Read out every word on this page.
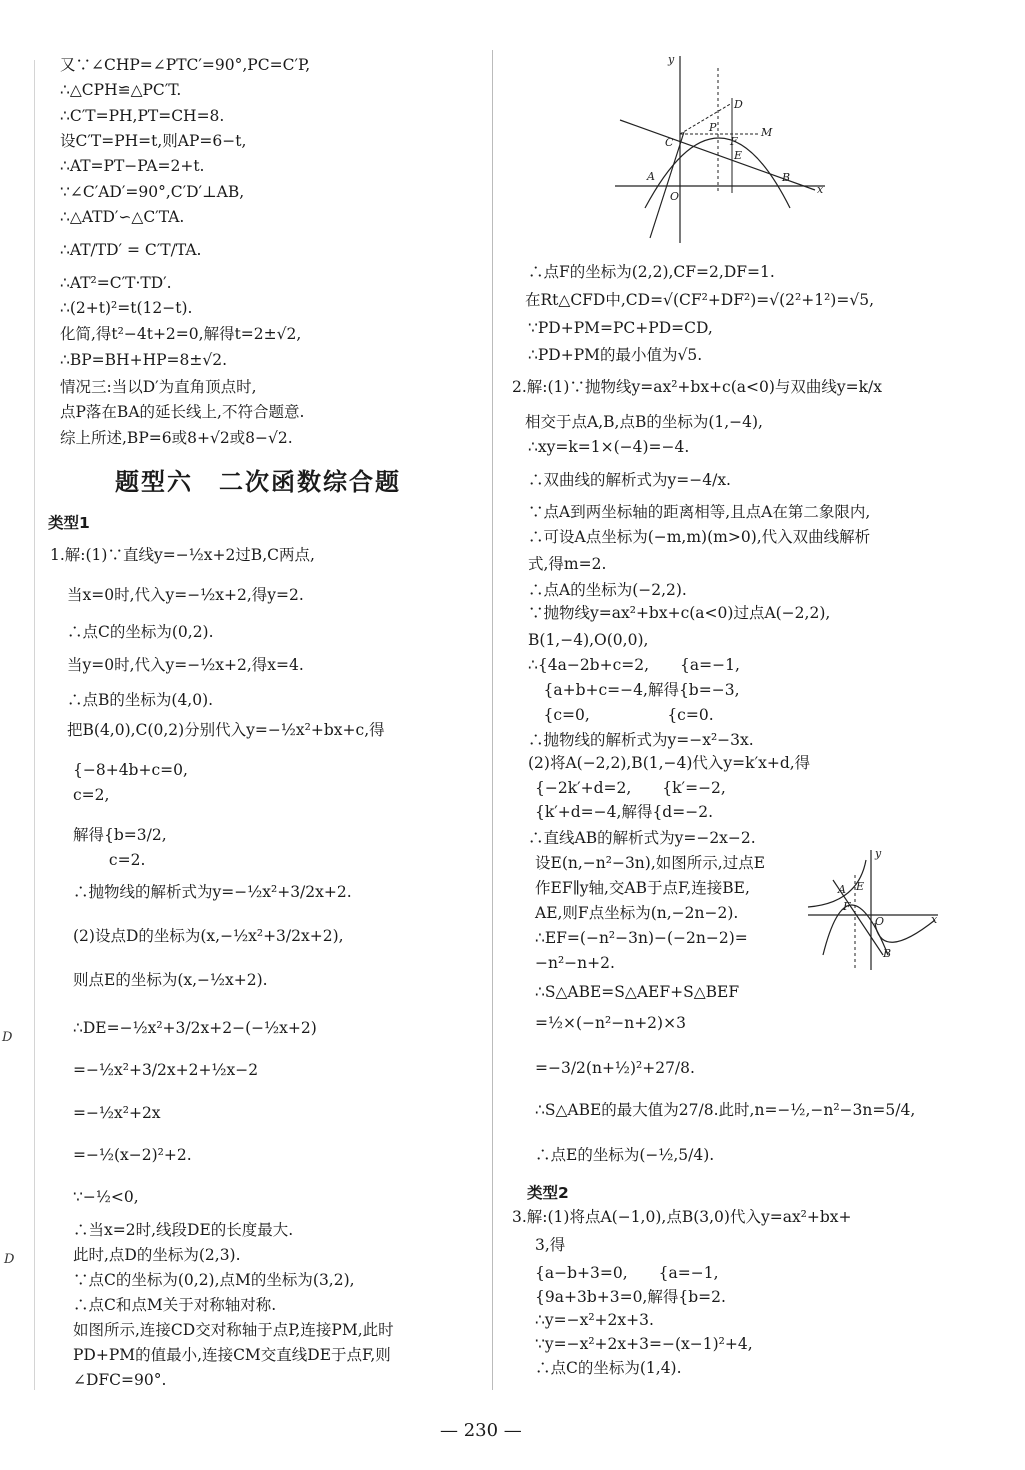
D
D
又∵∠CHP=∠PTC′=90°,PC=C′P,
∴△CPH≌△PC′T.
∴C′T=PH,PT=CH=8.
设C′T=PH=t,则AP=6−t,
∴AT=PT−PA=2+t.
∵∠C′AD′=90°,C′D′⊥AB,
∴△ATD′∽△C′TA.
∴AT/TD′ = C′T/TA.
∴AT²=C′T·TD′.
∴(2+t)²=t(12−t).
化简,得t²−4t+2=0,解得t=2±√2,
∴BP=BH+HP=8±√2.
情况三:当以D′为直角顶点时,
点P落在BA的延长线上,不符合题意.
综上所述,BP=6或8+√2或8−√2.
题型六　二次函数综合题
类型1
1.解:(1)∵直线y=−½x+2过B,C两点,
当x=0时,代入y=−½x+2,得y=2.
∴点C的坐标为(0,2).
当y=0时,代入y=−½x+2,得x=4.
∴点B的坐标为(4,0).
把B(4,0),C(0,2)分别代入y=−½x²+bx+c,得
{−8+4b+c=0,
c=2,
解得{b=3/2,
　　 c=2.
∴抛物线的解析式为y=−½x²+3/2x+2.
(2)设点D的坐标为(x,−½x²+3/2x+2),
则点E的坐标为(x,−½x+2).
∴DE=−½x²+3/2x+2−(−½x+2)
=−½x²+3/2x+2+½x−2
=−½x²+2x
=−½(x−2)²+2.
∵−½<0,
∴当x=2时,线段DE的长度最大.
此时,点D的坐标为(2,3).
∵点C的坐标为(0,2),点M的坐标为(3,2),
∴点C和点M关于对称轴对称.
如图所示,连接CD交对称轴于点P,连接PM,此时
PD+PM的值最小,连接CM交直线DE于点F,则
∠DFC=90°.
y
x
O
A	B
C
D
E
F
P	M
∴点F的坐标为(2,2),CF=2,DF=1.
在Rt△CFD中,CD=√(CF²+DF²)=√(2²+1²)=√5,
∵PD+PM=PC+PD=CD,
∴PD+PM的最小值为√5.
2.解:(1)∵抛物线y=ax²+bx+c(a<0)与双曲线y=k/x
相交于点A,B,点B的坐标为(1,−4),
∴xy=k=1×(−4)=−4.
∴双曲线的解析式为y=−4/x.
∵点A到两坐标轴的距离相等,且点A在第二象限内,
∴可设A点坐标为(−m,m)(m>0),代入双曲线解析
式,得m=2.
∴点A的坐标为(−2,2).
∵抛物线y=ax²+bx+c(a<0)过点A(−2,2),
B(1,−4),O(0,0),
∴{4a−2b+c=2,　　{a=−1,
　{a+b+c=−4,解得{b=−3,
　{c=0,　　　　　{c=0.
∴抛物线的解析式为y=−x²−3x.
(2)将A(−2,2),B(1,−4)代入y=k′x+d,得
{−2k′+d=2,　　{k′=−2,
{k′+d=−4,解得{d=−2.
∴直线AB的解析式为y=−2x−2.
设E(n,−n²−3n),如图所示,过点E
作EF∥y轴,交AB于点F,连接BE,
AE,则F点坐标为(n,−2n−2).
∴EF=(−n²−3n)−(−2n−2)=
−n²−n+2.
∴S△ABE=S△AEF+S△BEF
=½×(−n²−n+2)×3
=−3/2(n+½)²+27/8.
∴S△ABE的最大值为27/8.此时,n=−½,−n²−3n=5/4,
∴点E的坐标为(−½,5/4).
y
x
O
A
B
E
F
类型2
3.解:(1)将点A(−1,0),点B(3,0)代入y=ax²+bx+
3,得
{a−b+3=0,　　{a=−1,
{9a+3b+3=0,解得{b=2.
∴y=−x²+2x+3.
∵y=−x²+2x+3=−(x−1)²+4,
∴点C的坐标为(1,4).
— 230 —
